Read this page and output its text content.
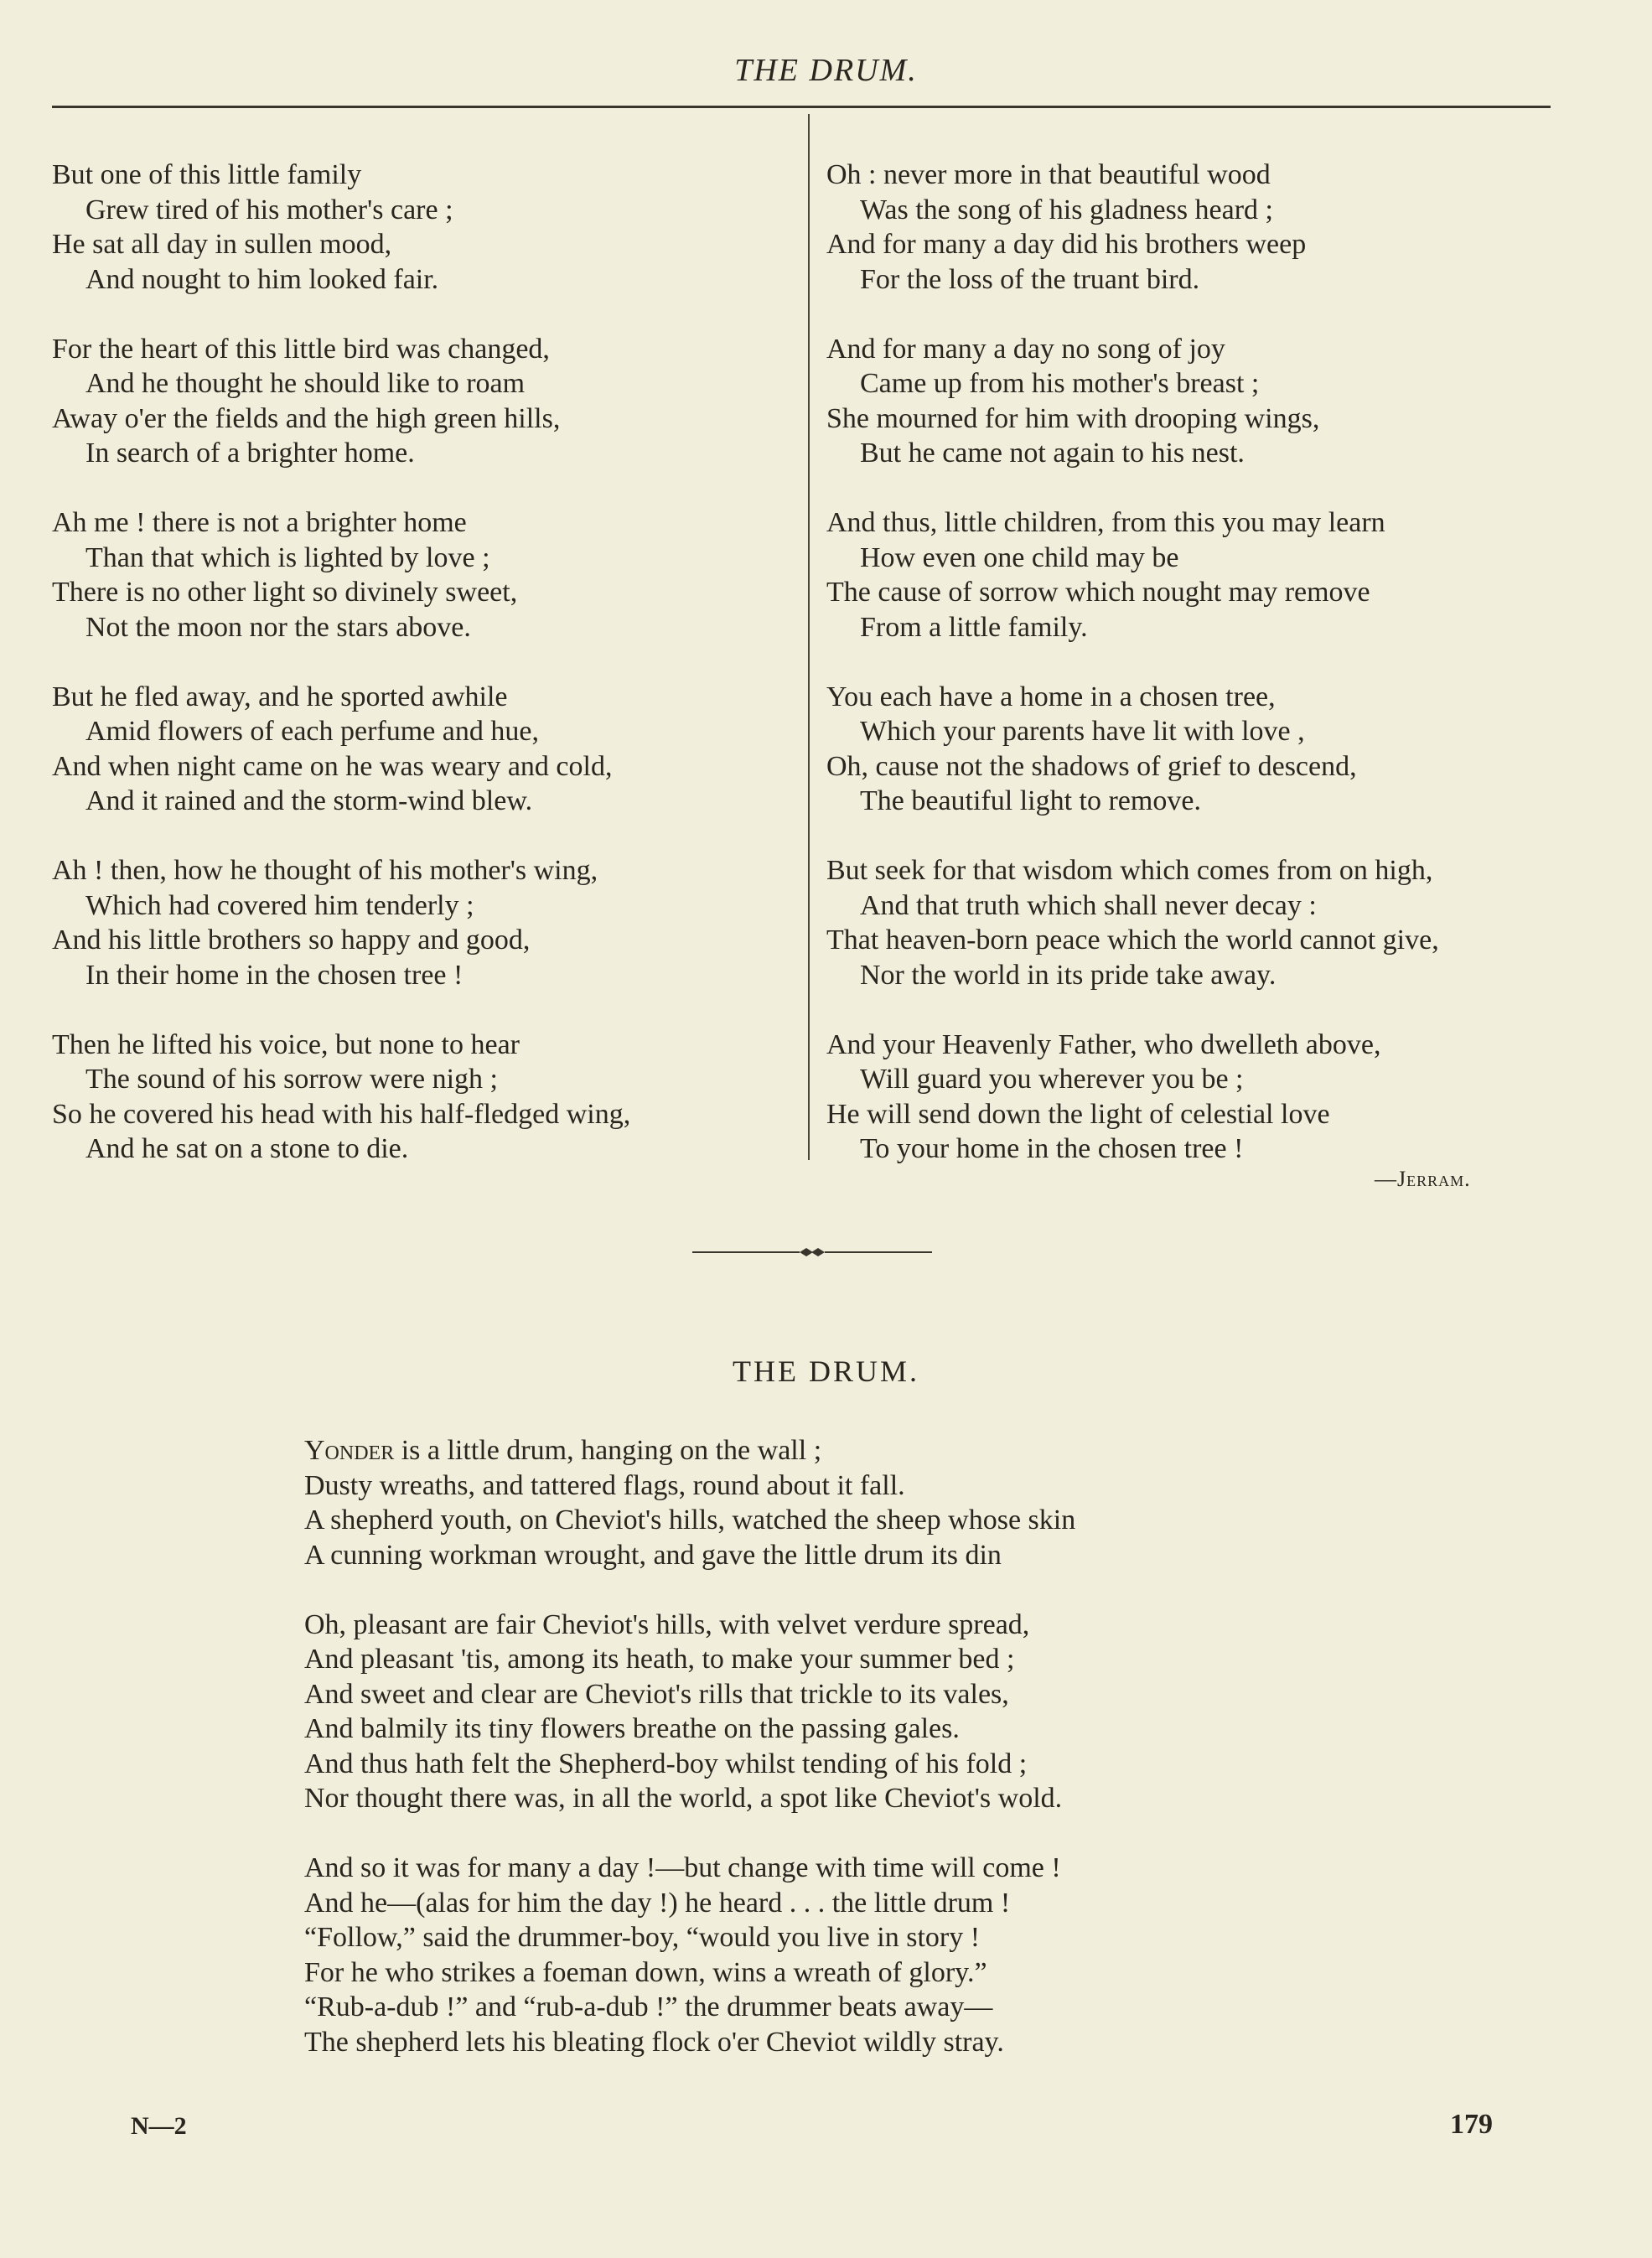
THE DRUM.
But one of this little family
Grew tired of his mother's care ;
He sat all day in sullen mood,
And nought to him looked fair.
For the heart of this little bird was changed,
And he thought he should like to roam
Away o'er the fields and the high green hills,
In search of a brighter home.
Ah me ! there is not a brighter home
Than that which is lighted by love ;
There is no other light so divinely sweet,
Not the moon nor the stars above.
But he fled away, and he sported awhile
Amid flowers of each perfume and hue,
And when night came on he was weary and cold,
And it rained and the storm-wind blew.
Ah ! then, how he thought of his mother's wing,
Which had covered him tenderly ;
And his little brothers so happy and good,
In their home in the chosen tree !
Then he lifted his voice, but none to hear
The sound of his sorrow were nigh ;
So he covered his head with his half-fledged wing,
And he sat on a stone to die.
Oh : never more in that beautiful wood
Was the song of his gladness heard ;
And for many a day did his brothers weep
For the loss of the truant bird.
And for many a day no song of joy
Came up from his mother's breast ;
She mourned for him with drooping wings,
But he came not again to his nest.
And thus, little children, from this you may learn
How even one child may be
The cause of sorrow which nought may remove
From a little family.
You each have a home in a chosen tree,
Which your parents have lit with love ,
Oh, cause not the shadows of grief to descend,
The beautiful light to remove.
But seek for that wisdom which comes from on high,
And that truth which shall never decay :
That heaven-born peace which the world cannot give,
Nor the world in its pride take away.
And your Heavenly Father, who dwelleth above,
Will guard you wherever you be ;
He will send down the light of celestial love
To your home in the chosen tree !
—Jerram.
THE DRUM.
Yonder is a little drum, hanging on the wall ;
Dusty wreaths, and tattered flags, round about it fall.
A shepherd youth, on Cheviot's hills, watched the sheep whose skin
A cunning workman wrought, and gave the little drum its din
Oh, pleasant are fair Cheviot's hills, with velvet verdure spread,
And pleasant 'tis, among its heath, to make your summer bed ;
And sweet and clear are Cheviot's rills that trickle to its vales,
And balmily its tiny flowers breathe on the passing gales.
And thus hath felt the Shepherd-boy whilst tending of his fold ;
Nor thought there was, in all the world, a spot like Cheviot's wold.
And so it was for many a day !—but change with time will come !
And he—(alas for him the day !) he heard . . . the little drum !
“Follow,” said the drummer-boy, “would you live in story !
For he who strikes a foeman down, wins a wreath of glory.”
“Rub-a-dub !” and “rub-a-dub !” the drummer beats away—
The shepherd lets his bleating flock o'er Cheviot wildly stray.
N—2	179
